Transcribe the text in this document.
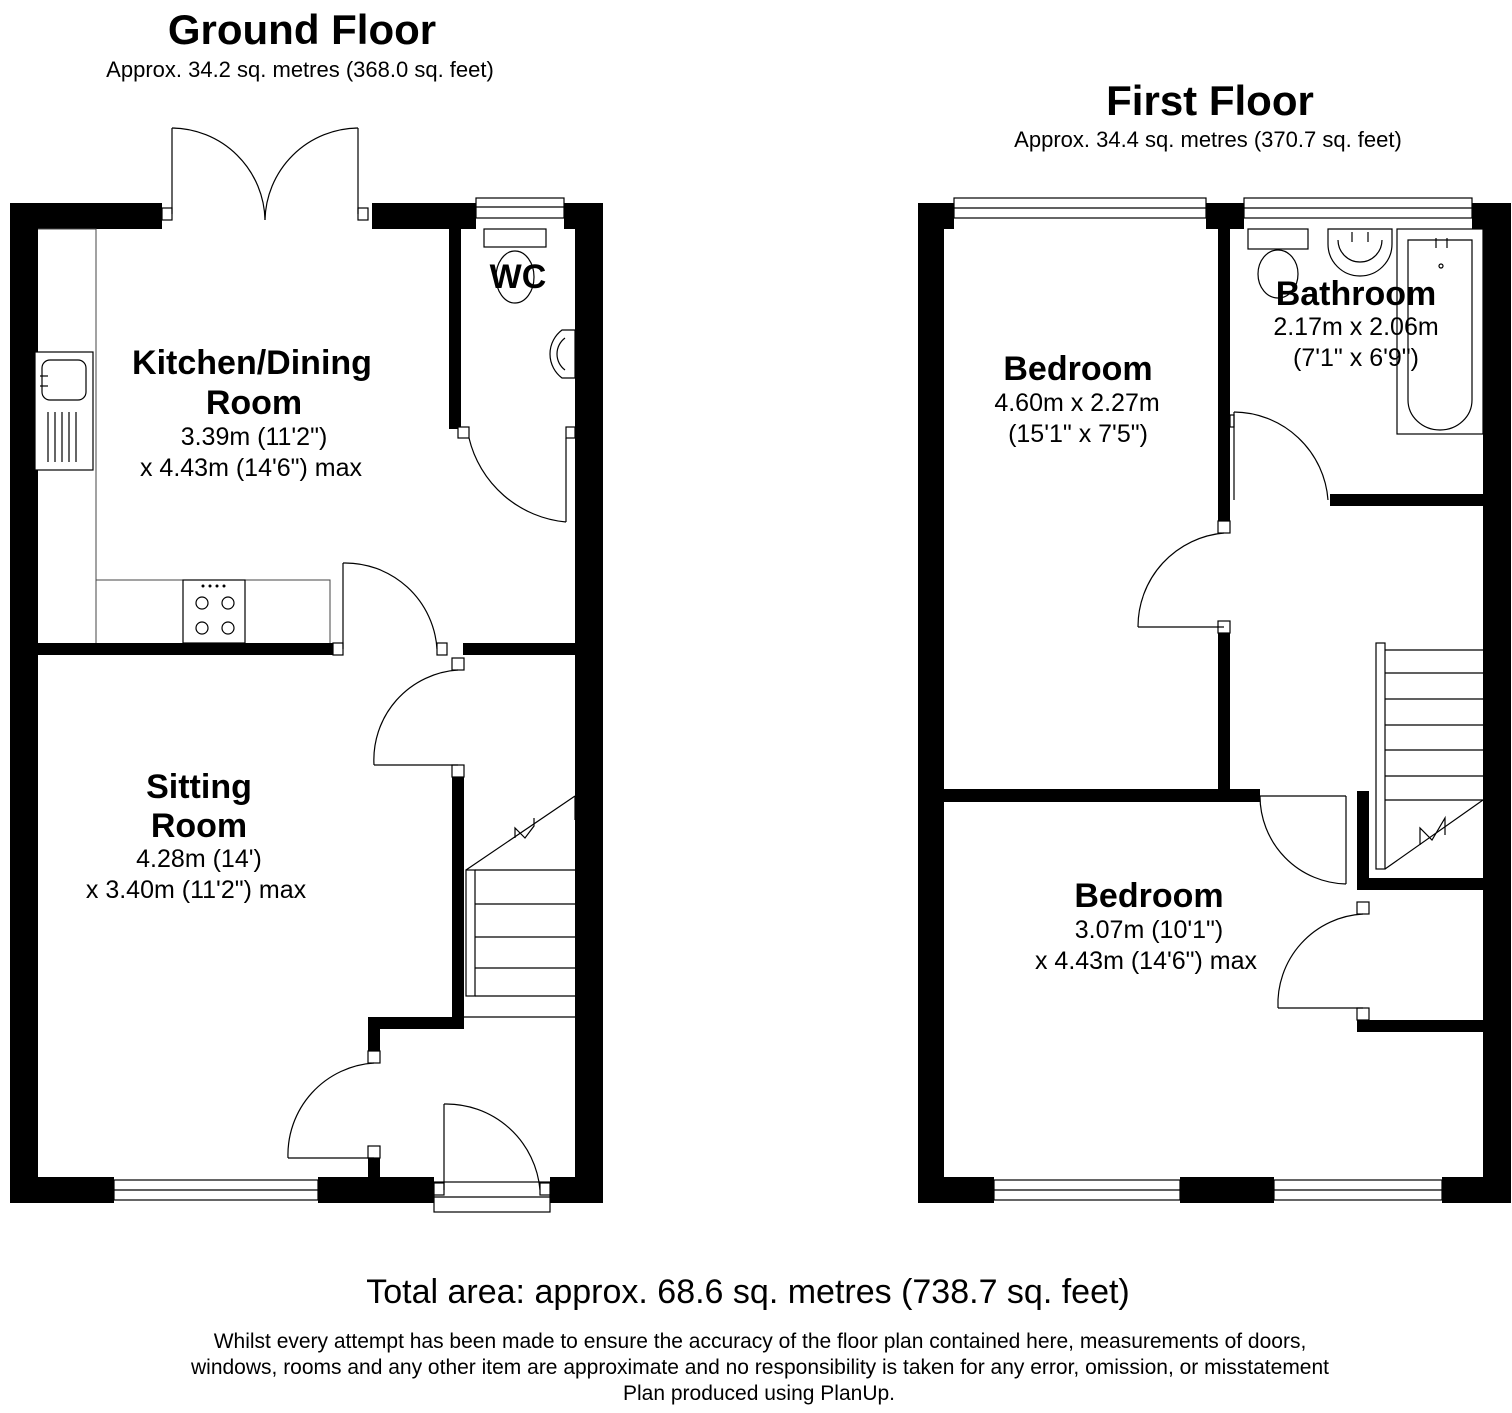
Ground Floor
Approx. 34.2 sq. metres (368.0 sq. feet)
First Floor
Approx. 34.4 sq. metres (370.7 sq. feet)
Kitchen/Dining
Room
3.39m (11'2")
x 4.43m (14'6") max
WC
Sitting
Room
4.28m (14')
x 3.40m (11'2") max
Bedroom
4.60m x 2.27m
(15'1" x 7'5")
Bathroom
2.17m x 2.06m
(7'1" x 6'9")
Bedroom
3.07m (10'1")
x 4.43m (14'6") max
Total area: approx. 68.6 sq. metres (738.7 sq. feet)
Whilst every attempt has been made to ensure the accuracy of the floor plan contained here, measurements of doors,
windows, rooms and any other item are approximate and no responsibility is taken for any error, omission, or misstatement
Plan produced using PlanUp.
